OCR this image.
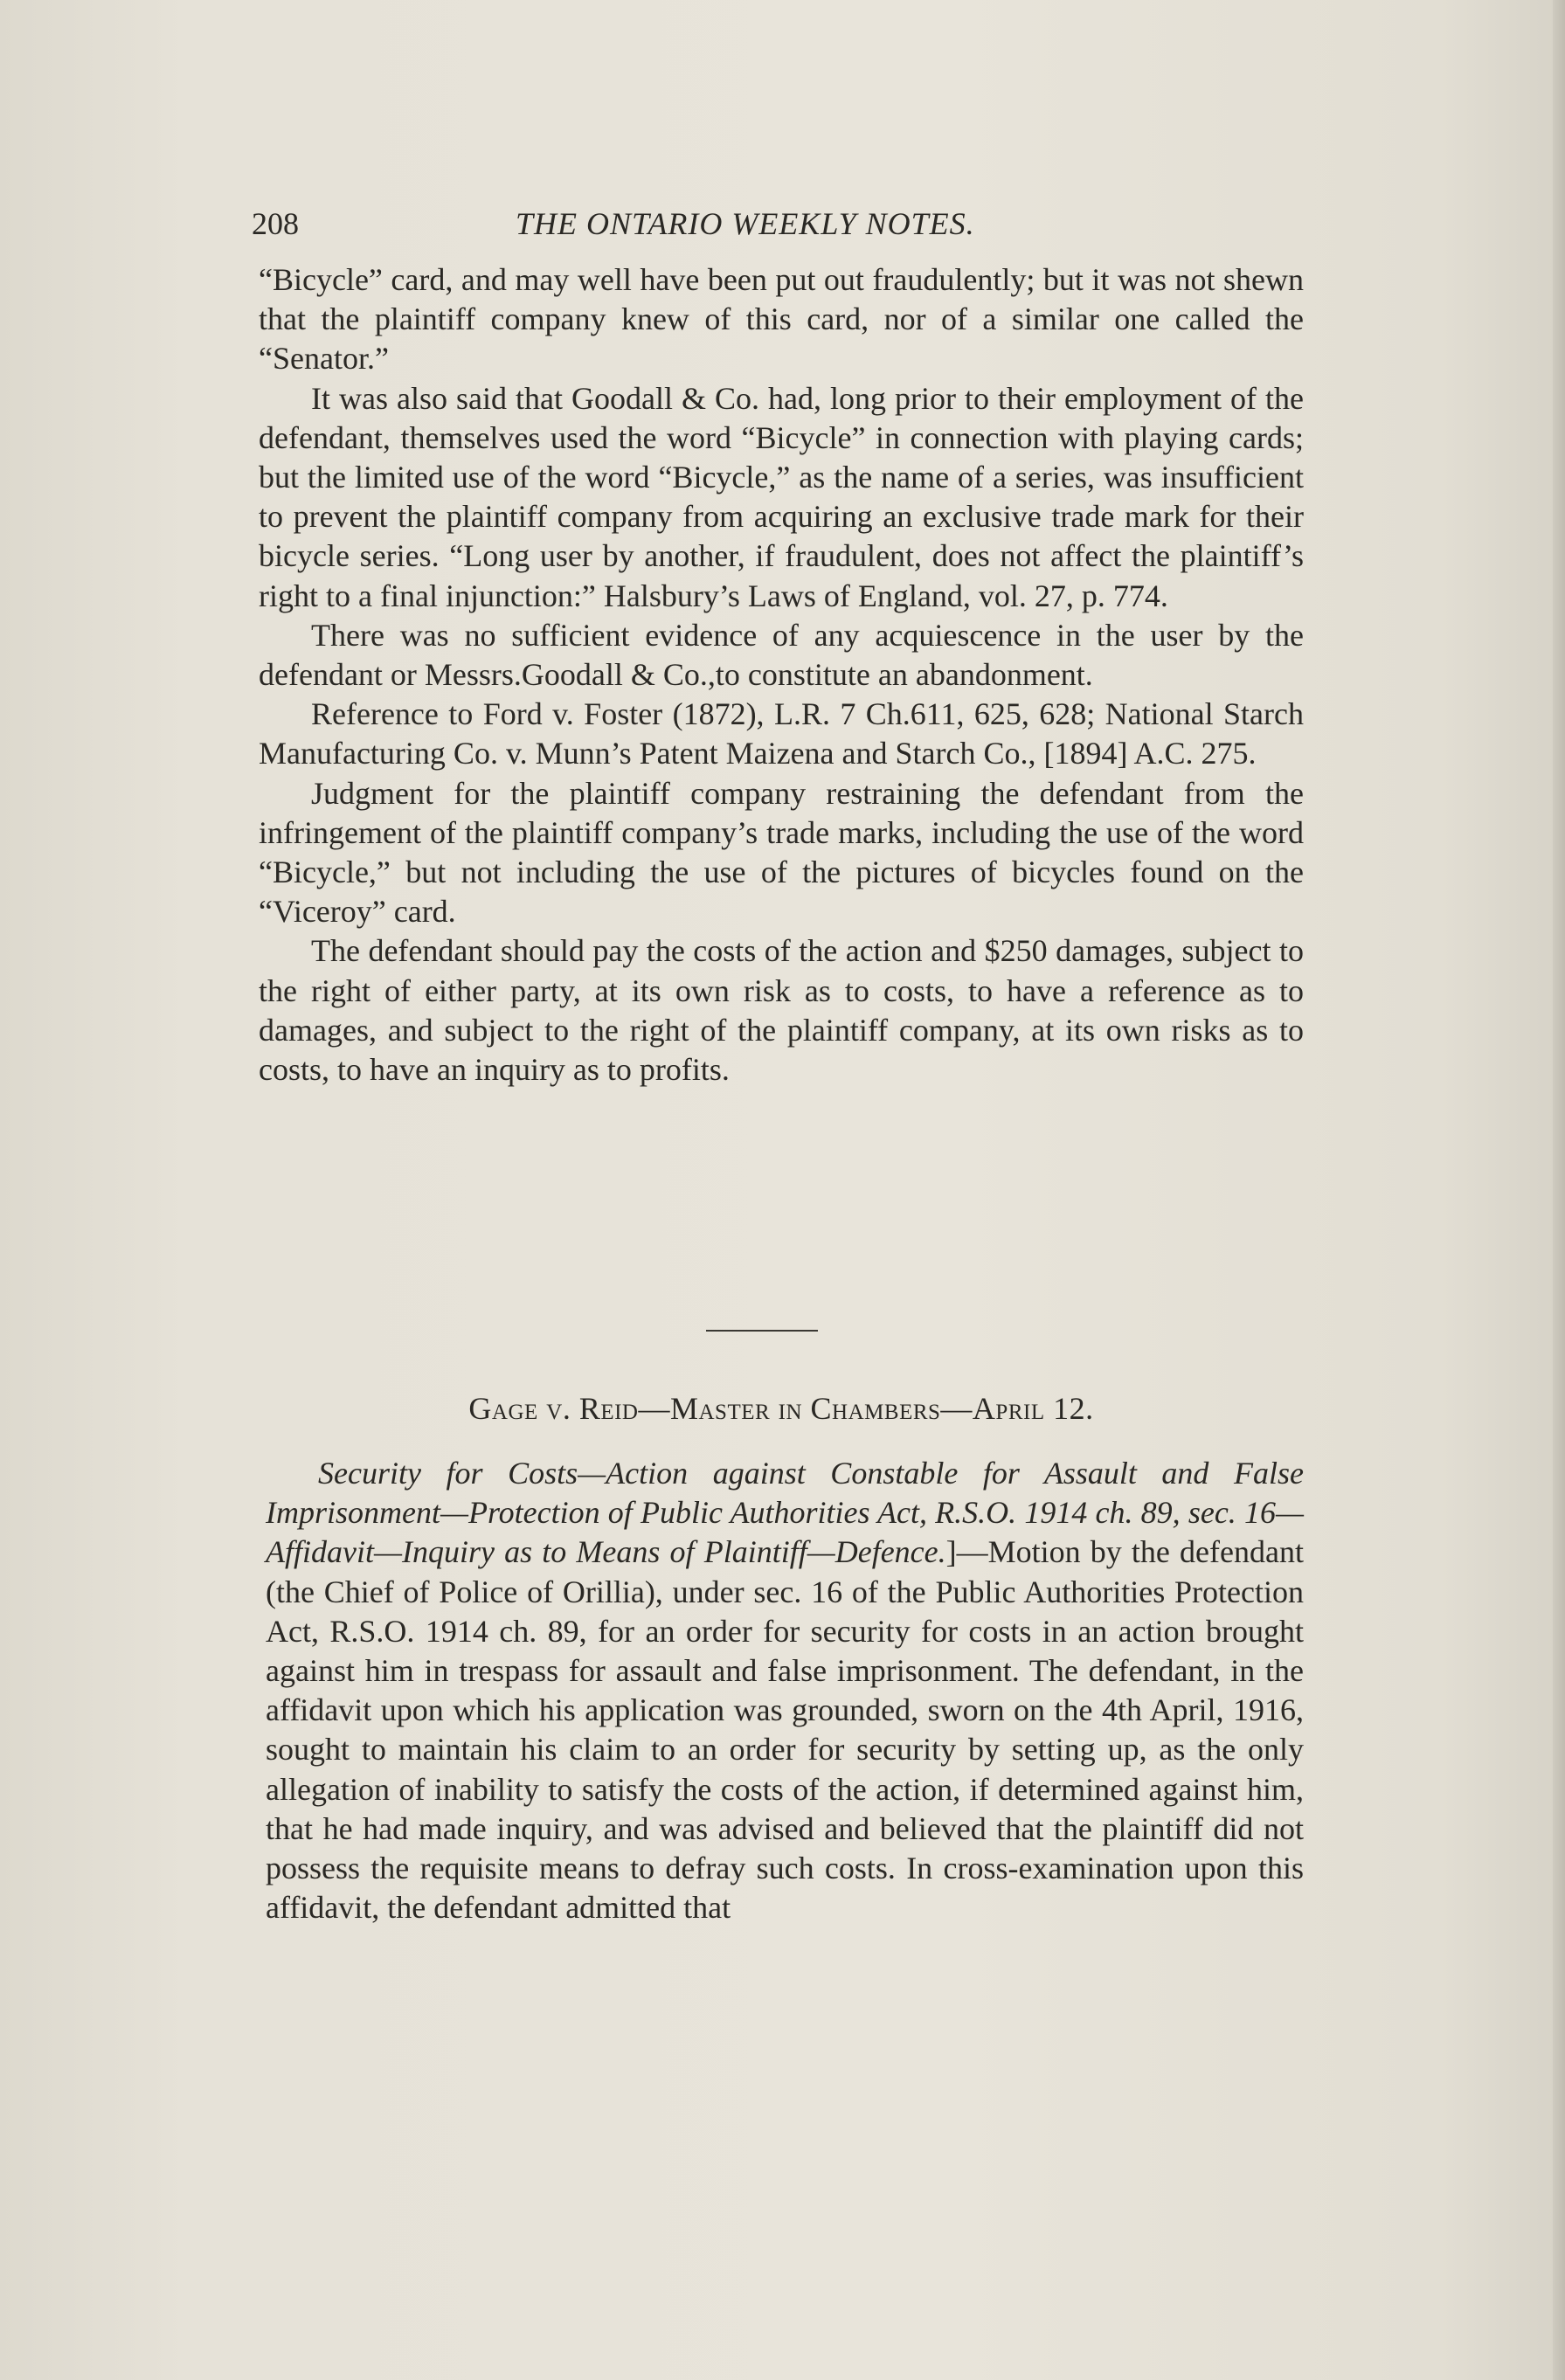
208	THE ONTARIO WEEKLY NOTES.

“Bicycle” card, and may well have been put out fraudulently; but it was not shewn that the plaintiff company knew of this card, nor of a similar one called the “Senator.”

It was also said that Goodall & Co. had, long prior to their employment of the defendant, themselves used the word “Bicycle” in connection with playing cards; but the limited use of the word “Bicycle,” as the name of a series, was insufficient to prevent the plaintiff company from acquiring an exclusive trade mark for their bicycle series. “Long user by another, if fraudulent, does not affect the plaintiff’s right to a final injunction:” Halsbury’s Laws of England, vol. 27, p. 774.

There was no sufficient evidence of any acquiescence in the user by the defendant or Messrs.Goodall & Co.,to constitute an abandonment.

Reference to Ford v. Foster (1872), L.R. 7 Ch.611, 625, 628; National Starch Manufacturing Co. v. Munn’s Patent Maizena and Starch Co., [1894] A.C. 275.

Judgment for the plaintiff company restraining the defendant from the infringement of the plaintiff company’s trade marks, including the use of the word “Bicycle,” but not including the use of the pictures of bicycles found on the “Viceroy” card.

The defendant should pay the costs of the action and $250 damages, subject to the right of either party, at its own risk as to costs, to have a reference as to damages, and subject to the right of the plaintiff company, at its own risks as to costs, to have an inquiry as to profits.

Gage v. Reid—Master in Chambers—April 12.

Security for Costs—Action against Constable for Assault and False Imprisonment—Protection of Public Authorities Act, R.S.O. 1914 ch. 89, sec. 16—Affidavit—Inquiry as to Means of Plaintiff—Defence.]—Motion by the defendant (the Chief of Police of Orillia), under sec. 16 of the Public Authorities Protection Act, R.S.O. 1914 ch. 89, for an order for security for costs in an action brought against him in trespass for assault and false imprisonment. The defendant, in the affidavit upon which his application was grounded, sworn on the 4th April, 1916, sought to maintain his claim to an order for security by setting up, as the only allegation of inability to satisfy the costs of the action, if determined against him, that he had made inquiry, and was advised and believed that the plaintiff did not possess the requisite means to defray such costs. In cross-examination upon this affidavit, the defendant admitted that
